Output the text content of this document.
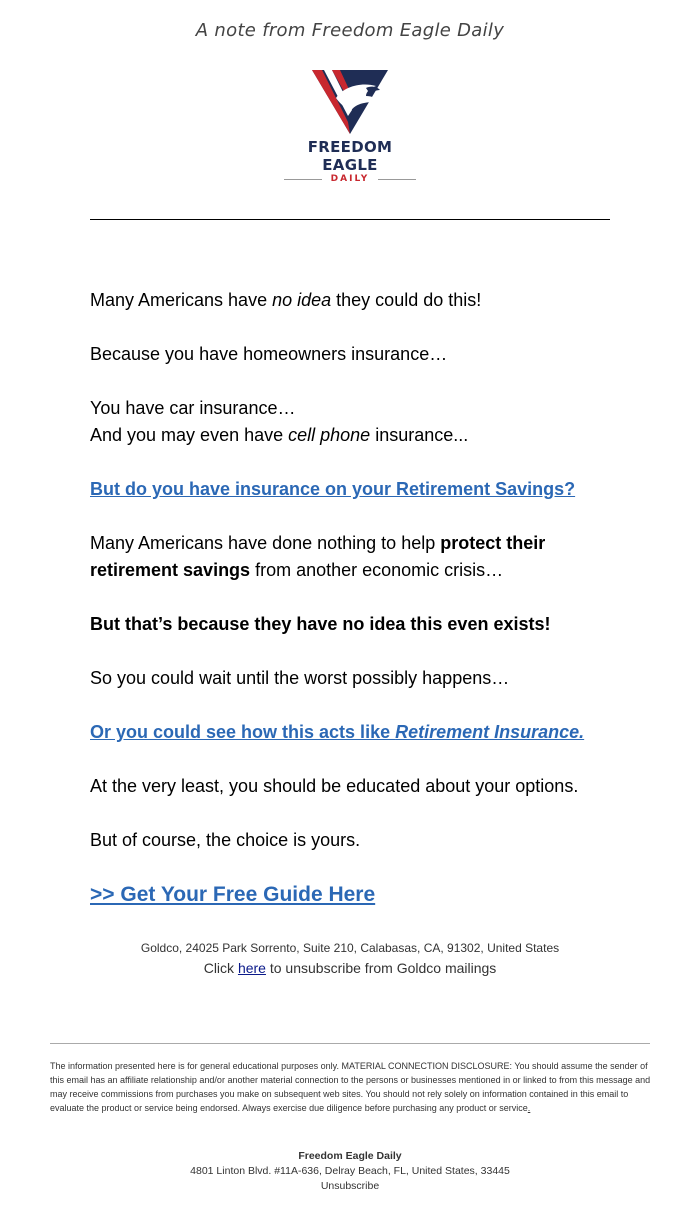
A note from Freedom Eagle Daily
FREEDOM EAGLE
DAILY

Many Americans have no idea they could do this!

Because you have homeowners insurance…

You have car insurance…
And you may even have cell phone insurance...

But do you have insurance on your Retirement Savings?

Many Americans have done nothing to help protect their retirement savings from another economic crisis…

But that’s because they have no idea this even exists!

So you could wait until the worst possibly happens…

Or you could see how this acts like Retirement Insurance.

At the very least, you should be educated about your options.

But of course, the choice is yours.

>> Get Your Free Guide Here

Goldco, 24025 Park Sorrento, Suite 210, Calabasas, CA, 91302, United States
Click here to unsubscribe from Goldco mailings
The information presented here is for general educational purposes only. MATERIAL CONNECTION DISCLOSURE: You should assume the sender of this email has an affiliate relationship and/or another material connection to the persons or businesses mentioned in or linked to from this message and may receive commissions from purchases you make on subsequent web sites. You should not rely solely on information contained in this email to evaluate the product or service being endorsed. Always exercise due diligence before purchasing any product or service.
Freedom Eagle Daily
4801 Linton Blvd. #11A-636, Delray Beach, FL, United States, 33445
Unsubscribe
